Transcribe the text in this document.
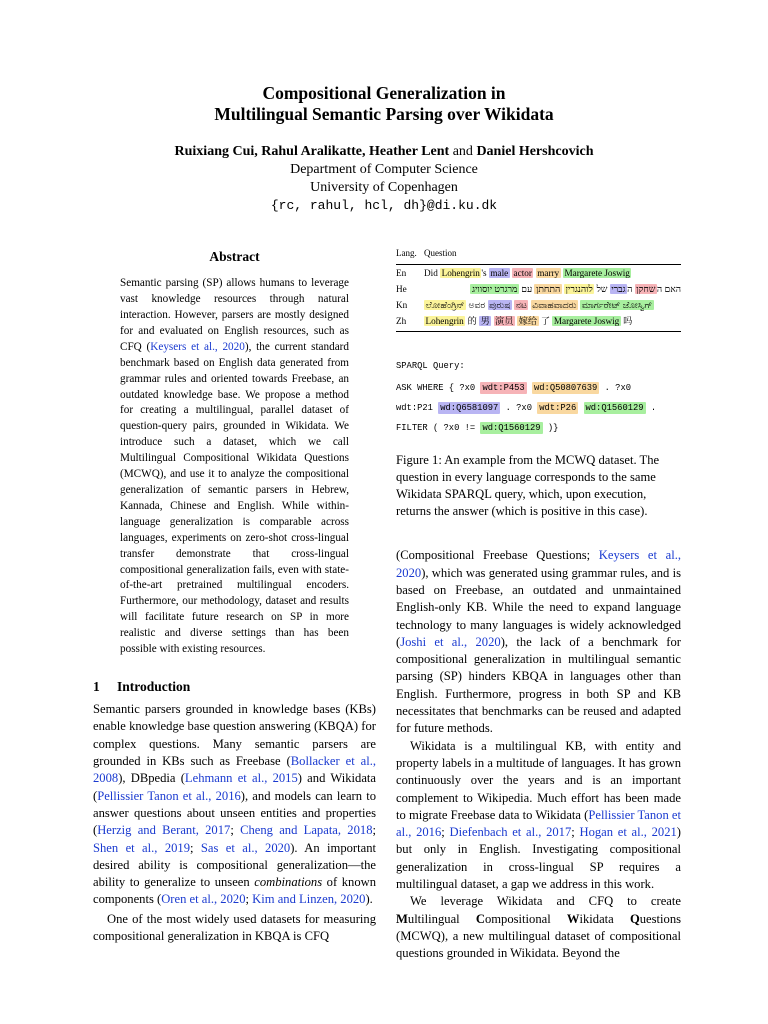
Compositional Generalization in
Multilingual Semantic Parsing over Wikidata
Ruixiang Cui, Rahul Aralikatte, Heather Lent and Daniel Hershcovich
Department of Computer Science
University of Copenhagen
{rc, rahul, hcl, dh}@di.ku.dk
Abstract
Semantic parsing (SP) allows humans to leverage vast knowledge resources through natural interaction. However, parsers are mostly designed for and evaluated on English resources, such as CFQ (Keysers et al., 2020), the current standard benchmark based on English data generated from grammar rules and oriented towards Freebase, an outdated knowledge base. We propose a method for creating a multilingual, parallel dataset of question-query pairs, grounded in Wikidata. We introduce such a dataset, which we call Multilingual Compositional Wikidata Questions (MCWQ), and use it to analyze the compositional generalization of semantic parsers in Hebrew, Kannada, Chinese and English. While within-language generalization is comparable across languages, experiments on zero-shot cross-lingual transfer demonstrate that cross-lingual compositional generalization fails, even with state-of-the-art pretrained multilingual encoders. Furthermore, our methodology, dataset and results will facilitate future research on SP in more realistic and diverse settings than has been possible with existing resources.
1 Introduction

Semantic parsers grounded in knowledge bases (KBs) enable knowledge base question answering (KBQA) for complex questions. Many semantic parsers are grounded in KBs such as Freebase (Bollacker et al., 2008), DBpedia (Lehmann et al., 2015) and Wikidata (Pellissier Tanon et al., 2016), and models can learn to answer questions about unseen entities and properties (Herzig and Berant, 2017; Cheng and Lapata, 2018; Shen et al., 2019; Sas et al., 2020). An important desired ability is compositional generalization—the ability to generalize to unseen combinations of known components (Oren et al., 2020; Kim and Linzen, 2020).

One of the most widely used datasets for measuring compositional generalization in KBQA is CFQ

Lang. Question
En	Did Lohengrin 's male actor marry Margarete Joswig
He	האם השחקן הגברי של לוהנגרין התחתן עם מרגרט יוסוויג
Kn	ಲೋಹೆಂಗ್ರಿನ್ ಅವರ ಪುರುಷ ನಟ ವಿವಾಹವಾದರು ಮಾರ್ಗರೇಟ್ ಜೋಸ್ವಿಗ್
Zh	Lohengrin 的 男 演员 嫁给 了 Margarete Joswig 吗
SPARQL Query:
ASK WHERE { ?x0 wdt:P453 wd:Q50807639 . ?x0
wdt:P21 wd:Q6581097 . ?x0 wdt:P26 wd:Q1560129 .
FILTER ( ?x0 != wd:Q1560129 )}
Figure 1: An example from the MCWQ dataset. The question in every language corresponds to the same Wikidata SPARQL query, which, upon execution, returns the answer (which is positive in this case).

(Compositional Freebase Questions; Keysers et al., 2020), which was generated using grammar rules, and is based on Freebase, an outdated and unmaintained English-only KB. While the need to expand language technology to many languages is widely acknowledged (Joshi et al., 2020), the lack of a benchmark for compositional generalization in multilingual semantic parsing (SP) hinders KBQA in languages other than English. Furthermore, progress in both SP and KB necessitates that benchmarks can be reused and adapted for future methods.

Wikidata is a multilingual KB, with entity and property labels in a multitude of languages. It has grown continuously over the years and is an important complement to Wikipedia. Much effort has been made to migrate Freebase data to Wikidata (Pellissier Tanon et al., 2016; Diefenbach et al., 2017; Hogan et al., 2021) but only in English. Investigating compositional generalization in cross-lingual SP requires a multilingual dataset, a gap we address in this work.

We leverage Wikidata and CFQ to create Multilingual Compositional Wikidata Questions (MCWQ), a new multilingual dataset of compositional questions grounded in Wikidata. Beyond the
